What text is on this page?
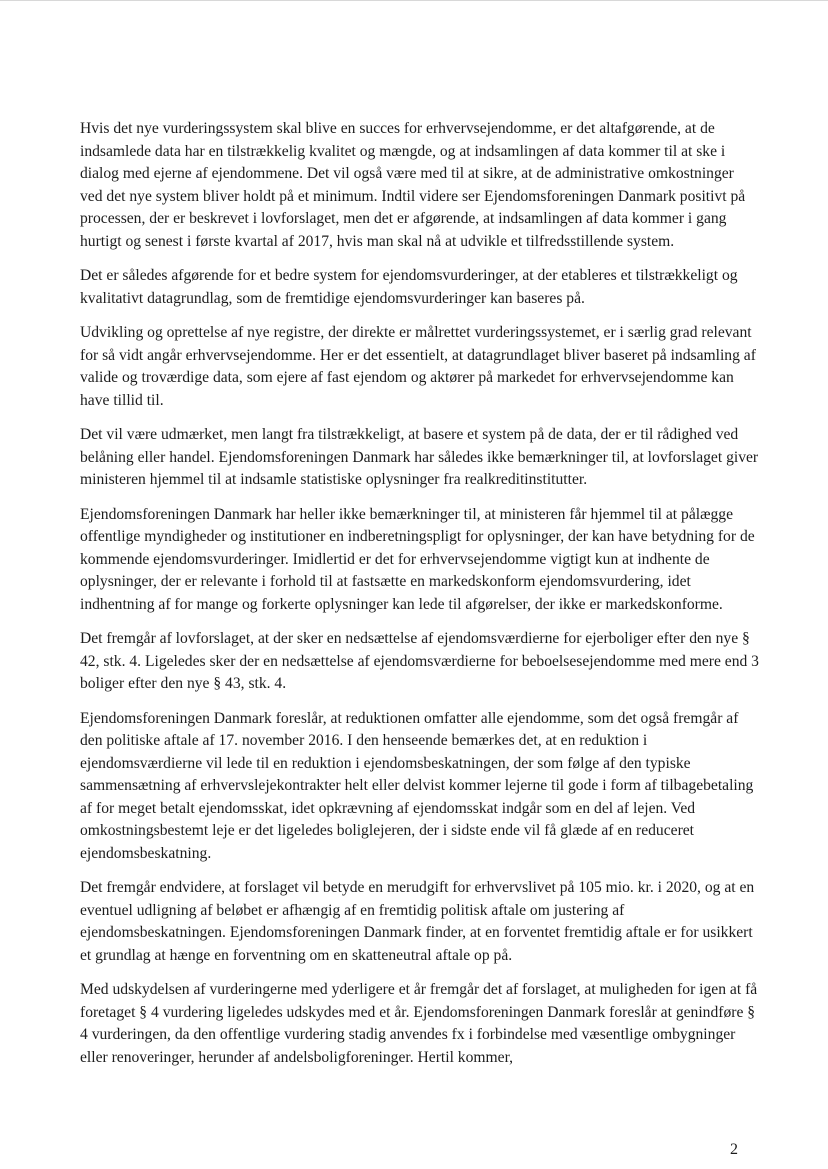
Hvis det nye vurderingssystem skal blive en succes for erhvervsejendomme, er det altafgørende, at de indsamlede data har en tilstrækkelig kvalitet og mængde, og at indsamlingen af data kommer til at ske i dialog med ejerne af ejendommene. Det vil også være med til at sikre, at de administrative omkostninger ved det nye system bliver holdt på et minimum. Indtil videre ser Ejendomsforeningen Danmark positivt på processen, der er beskrevet i lovforslaget, men det er afgørende, at indsamlingen af data kommer i gang hurtigt og senest i første kvartal af 2017, hvis man skal nå at udvikle et tilfredsstillende system.

Det er således afgørende for et bedre system for ejendomsvurderinger, at der etableres et tilstrækkeligt og kvalitativt datagrundlag, som de fremtidige ejendomsvurderinger kan baseres på.

Udvikling og oprettelse af nye registre, der direkte er målrettet vurderingssystemet, er i særlig grad relevant for så vidt angår erhvervsejendomme. Her er det essentielt, at datagrundlaget bliver baseret på indsamling af valide og troværdige data, som ejere af fast ejendom og aktører på markedet for erhvervsejendomme kan have tillid til.

Det vil være udmærket, men langt fra tilstrækkeligt, at basere et system på de data, der er til rådighed ved belåning eller handel. Ejendomsforeningen Danmark har således ikke bemærkninger til, at lovforslaget giver ministeren hjemmel til at indsamle statistiske oplysninger fra realkreditinstitutter.

Ejendomsforeningen Danmark har heller ikke bemærkninger til, at ministeren får hjemmel til at pålægge offentlige myndigheder og institutioner en indberetningspligt for oplysninger, der kan have betydning for de kommende ejendomsvurderinger. Imidlertid er det for erhvervsejendomme vigtigt kun at indhente de oplysninger, der er relevante i forhold til at fastsætte en markedskonform ejendomsvurdering, idet indhentning af for mange og forkerte oplysninger kan lede til afgørelser, der ikke er markedskonforme.

Det fremgår af lovforslaget, at der sker en nedsættelse af ejendomsværdierne for ejerboliger efter den nye § 42, stk. 4. Ligeledes sker der en nedsættelse af ejendomsværdierne for beboelsesejendomme med mere end 3 boliger efter den nye § 43, stk. 4.

Ejendomsforeningen Danmark foreslår, at reduktionen omfatter alle ejendomme, som det også fremgår af den politiske aftale af 17. november 2016. I den henseende bemærkes det, at en reduktion i ejendomsværdierne vil lede til en reduktion i ejendomsbeskatningen, der som følge af den typiske sammensætning af erhvervslejekontrakter helt eller delvist kommer lejerne til gode i form af tilbagebetaling af for meget betalt ejendomsskat, idet opkrævning af ejendomsskat indgår som en del af lejen. Ved omkostningsbestemt leje er det ligeledes boliglejeren, der i sidste ende vil få glæde af en reduceret ejendomsbeskatning.

Det fremgår endvidere, at forslaget vil betyde en merudgift for erhvervslivet på 105 mio. kr. i 2020, og at en eventuel udligning af beløbet er afhængig af en fremtidig politisk aftale om justering af ejendomsbeskatningen. Ejendomsforeningen Danmark finder, at en forventet fremtidig aftale er for usikkert et grundlag at hænge en forventning om en skatteneutral aftale op på.

Med udskydelsen af vurderingerne med yderligere et år fremgår det af forslaget, at muligheden for igen at få foretaget § 4 vurdering ligeledes udskydes med et år. Ejendomsforeningen Danmark foreslår at genindføre § 4 vurderingen, da den offentlige vurdering stadig anvendes fx i forbindelse med væsentlige ombygninger eller renoveringer, herunder af andelsboligforeninger. Hertil kommer,

2
